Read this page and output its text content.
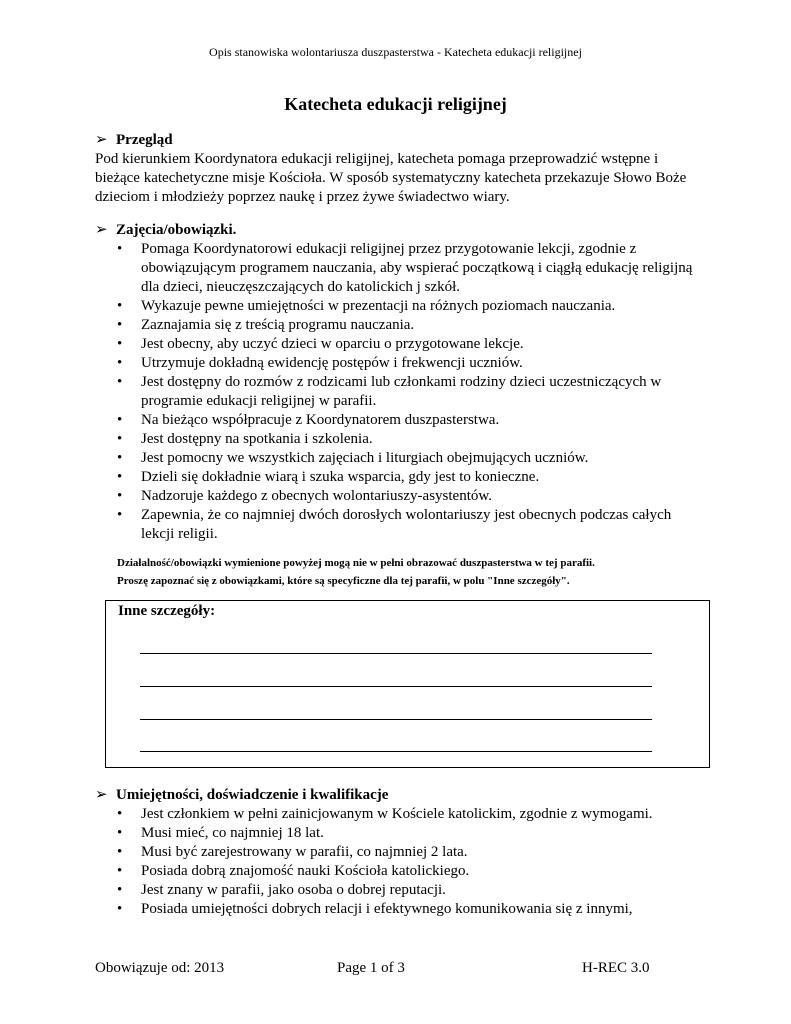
Opis stanowiska wolontariusza duszpasterstwa - Katecheta edukacji religijnej
Katecheta edukacji religijnej
➢ Przegląd
Pod kierunkiem Koordynatora edukacji religijnej, katecheta pomaga przeprowadzić wstępne i bieżące katechetyczne misje Kościoła. W sposób systematyczny katecheta przekazuje Słowo Boże dzieciom i młodzieży poprzez naukę i przez żywe świadectwo wiary.
➢ Zajęcia/obowiązki.
•	Pomaga Koordynatorowi edukacji religijnej przez przygotowanie lekcji, zgodnie z obowiązującym programem nauczania, aby wspierać początkową i ciągłą edukację religijną dla dzieci, nieuczęszczających do katolickich j szkół.
•	Wykazuje pewne umiejętności w prezentacji na różnych poziomach nauczania.
•	Zaznajamia się z treścią programu nauczania.
•	Jest obecny, aby uczyć dzieci w oparciu o przygotowane lekcje.
•	Utrzymuje dokładną ewidencję postępów i frekwencji uczniów.
•	Jest dostępny do rozmów z rodzicami lub członkami rodziny dzieci uczestniczących w programie edukacji religijnej w parafii.
•	Na bieżąco współpracuje z Koordynatorem duszpasterstwa.
•	Jest dostępny na spotkania i szkolenia.
•	Jest pomocny we wszystkich zajęciach i liturgiach obejmujących uczniów.
•	Dzieli się dokładnie wiarą i szuka wsparcia, gdy jest to konieczne.
•	Nadzoruje każdego z obecnych wolontariuszy-asystentów.
•	Zapewnia, że co najmniej dwóch dorosłych wolontariuszy jest obecnych podczas całych lekcji religii.
Działalność/obowiązki wymienione powyżej mogą nie w pełni obrazować duszpasterstwa w tej parafii.
Proszę zapoznać się z obowiązkami, które są specyficzne dla tej parafii, w polu "Inne szczegóły".
Inne szczegóły:
➢ Umiejętności, doświadczenie i kwalifikacje
•	Jest członkiem w pełni zainicjowanym w Kościele katolickim, zgodnie z wymogami.
•	Musi mieć, co najmniej 18 lat.
•	Musi być zarejestrowany w parafii, co najmniej 2 lata.
•	Posiada dobrą znajomość nauki Kościoła katolickiego.
•	Jest znany w parafii, jako osoba o dobrej reputacji.
•	Posiada umiejętności dobrych relacji i efektywnego komunikowania się z innymi,
Obowiązuje od: 2013	Page 1 of 3	H-REC 3.0
